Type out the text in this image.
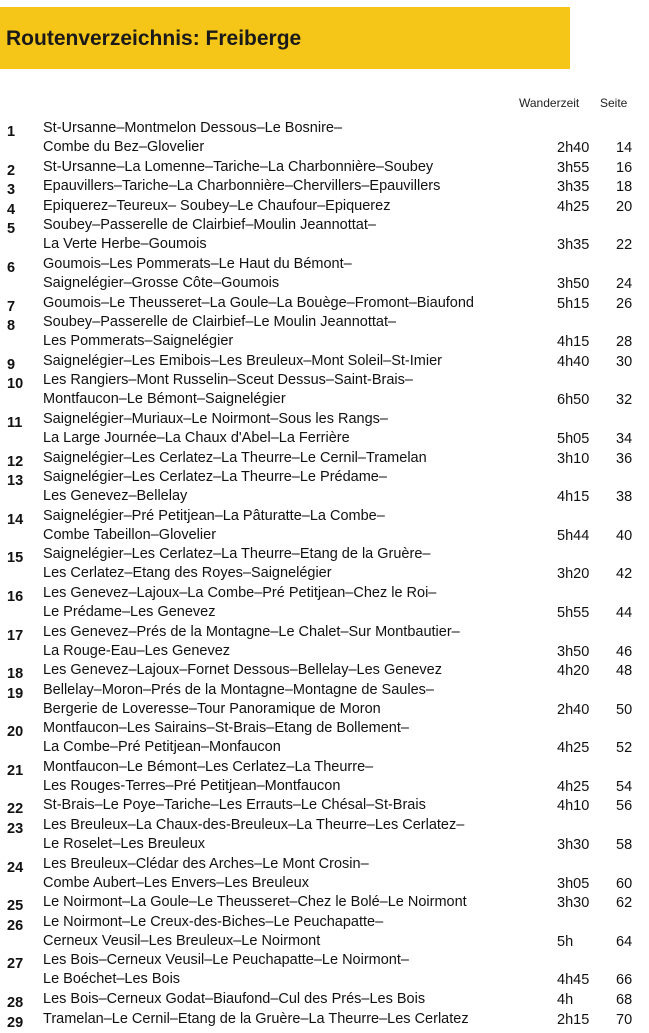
Routenverzeichnis: Freiberge
Wanderzeit Seite
1	St-Ursanne–Montmelon Dessous–Le Bosnire–
Combe du Bez–Glovelier	2h40 14
2	St-Ursanne–La Lomenne–Tariche–La Charbonnière–Soubey	3h55 16
3	Epauvillers–Tariche–La Charbonnière–Chervillers–Epauvillers	3h35 18
4	Epiquerez–Teureux– Soubey–Le Chaufour–Epiquerez	4h25 20
5	Soubey–Passerelle de Clairbief–Moulin Jeannottat–
La Verte Herbe–Goumois	3h35 22
6	Goumois–Les Pommerats–Le Haut du Bémont–
Saignelégier–Grosse Côte–Goumois	3h50 24
7	Goumois–Le Theusseret–La Goule–La Bouège–Fromont–Biaufond	5h15 26
8	Soubey–Passerelle de Clairbief–Le Moulin Jeannottat–
Les Pommerats–Saignelégier	4h15 28
9	Saignelégier–Les Emibois–Les Breuleux–Mont Soleil–St-Imier	4h40 30
10	Les Rangiers–Mont Russelin–Sceut Dessus–Saint-Brais–
Montfaucon–Le Bémont–Saignelégier	6h50 32
11	Saignelégier–Muriaux–Le Noirmont–Sous les Rangs–
La Large Journée–La Chaux d'Abel–La Ferrière	5h05 34
12	Saignelégier–Les Cerlatez–La Theurre–Le Cernil–Tramelan	3h10 36
13	Saignelégier–Les Cerlatez–La Theurre–Le Prédame–
Les Genevez–Bellelay	4h15 38
14	Saignelégier–Pré Petitjean–La Pâturatte–La Combe–
Combe Tabeillon–Glovelier	5h44 40
15	Saignelégier–Les Cerlatez–La Theurre–Etang de la Gruère–
Les Cerlatez–Etang des Royes–Saignelégier	3h20 42
16	Les Genevez–Lajoux–La Combe–Pré Petitjean–Chez le Roi–
Le Prédame–Les Genevez	5h55 44
17	Les Genevez–Prés de la Montagne–Le Chalet–Sur Montbautier–
La Rouge-Eau–Les Genevez	3h50 46
18	Les Genevez–Lajoux–Fornet Dessous–Bellelay–Les Genevez	4h20 48
19	Bellelay–Moron–Prés de la Montagne–Montagne de Saules–
Bergerie de Loveresse–Tour Panoramique de Moron	2h40 50
20	Montfaucon–Les Sairains–St-Brais–Etang de Bollement–
La Combe–Pré Petitjean–Monfaucon	4h25 52
21	Montfaucon–Le Bémont–Les Cerlatez–La Theurre–
Les Rouges-Terres–Pré Petitjean–Montfaucon	4h25 54
22	St-Brais–Le Poye–Tariche–Les Errauts–Le Chésal–St-Brais	4h10 56
23	Les Breuleux–La Chaux-des-Breuleux–La Theurre–Les Cerlatez–
Le Roselet–Les Breuleux	3h30 58
24	Les Breuleux–Clédar des Arches–Le Mont Crosin–
Combe Aubert–Les Envers–Les Breuleux	3h05 60
25	Le Noirmont–La Goule–Le Theusseret–Chez le Bolé–Le Noirmont	3h30 62
26	Le Noirmont–Le Creux-des-Biches–Le Peuchapatte–
Cerneux Veusil–Les Breuleux–Le Noirmont	5h	64
27	Les Bois–Cerneux Veusil–Le Peuchapatte–Le Noirmont–
Le Boéchet–Les Bois	4h45 66
28	Les Bois–Cerneux Godat–Biaufond–Cul des Prés–Les Bois	4h	68
29	Tramelan–Le Cernil–Etang de la Gruère–La Theurre–Les Cerlatez	2h15 70
